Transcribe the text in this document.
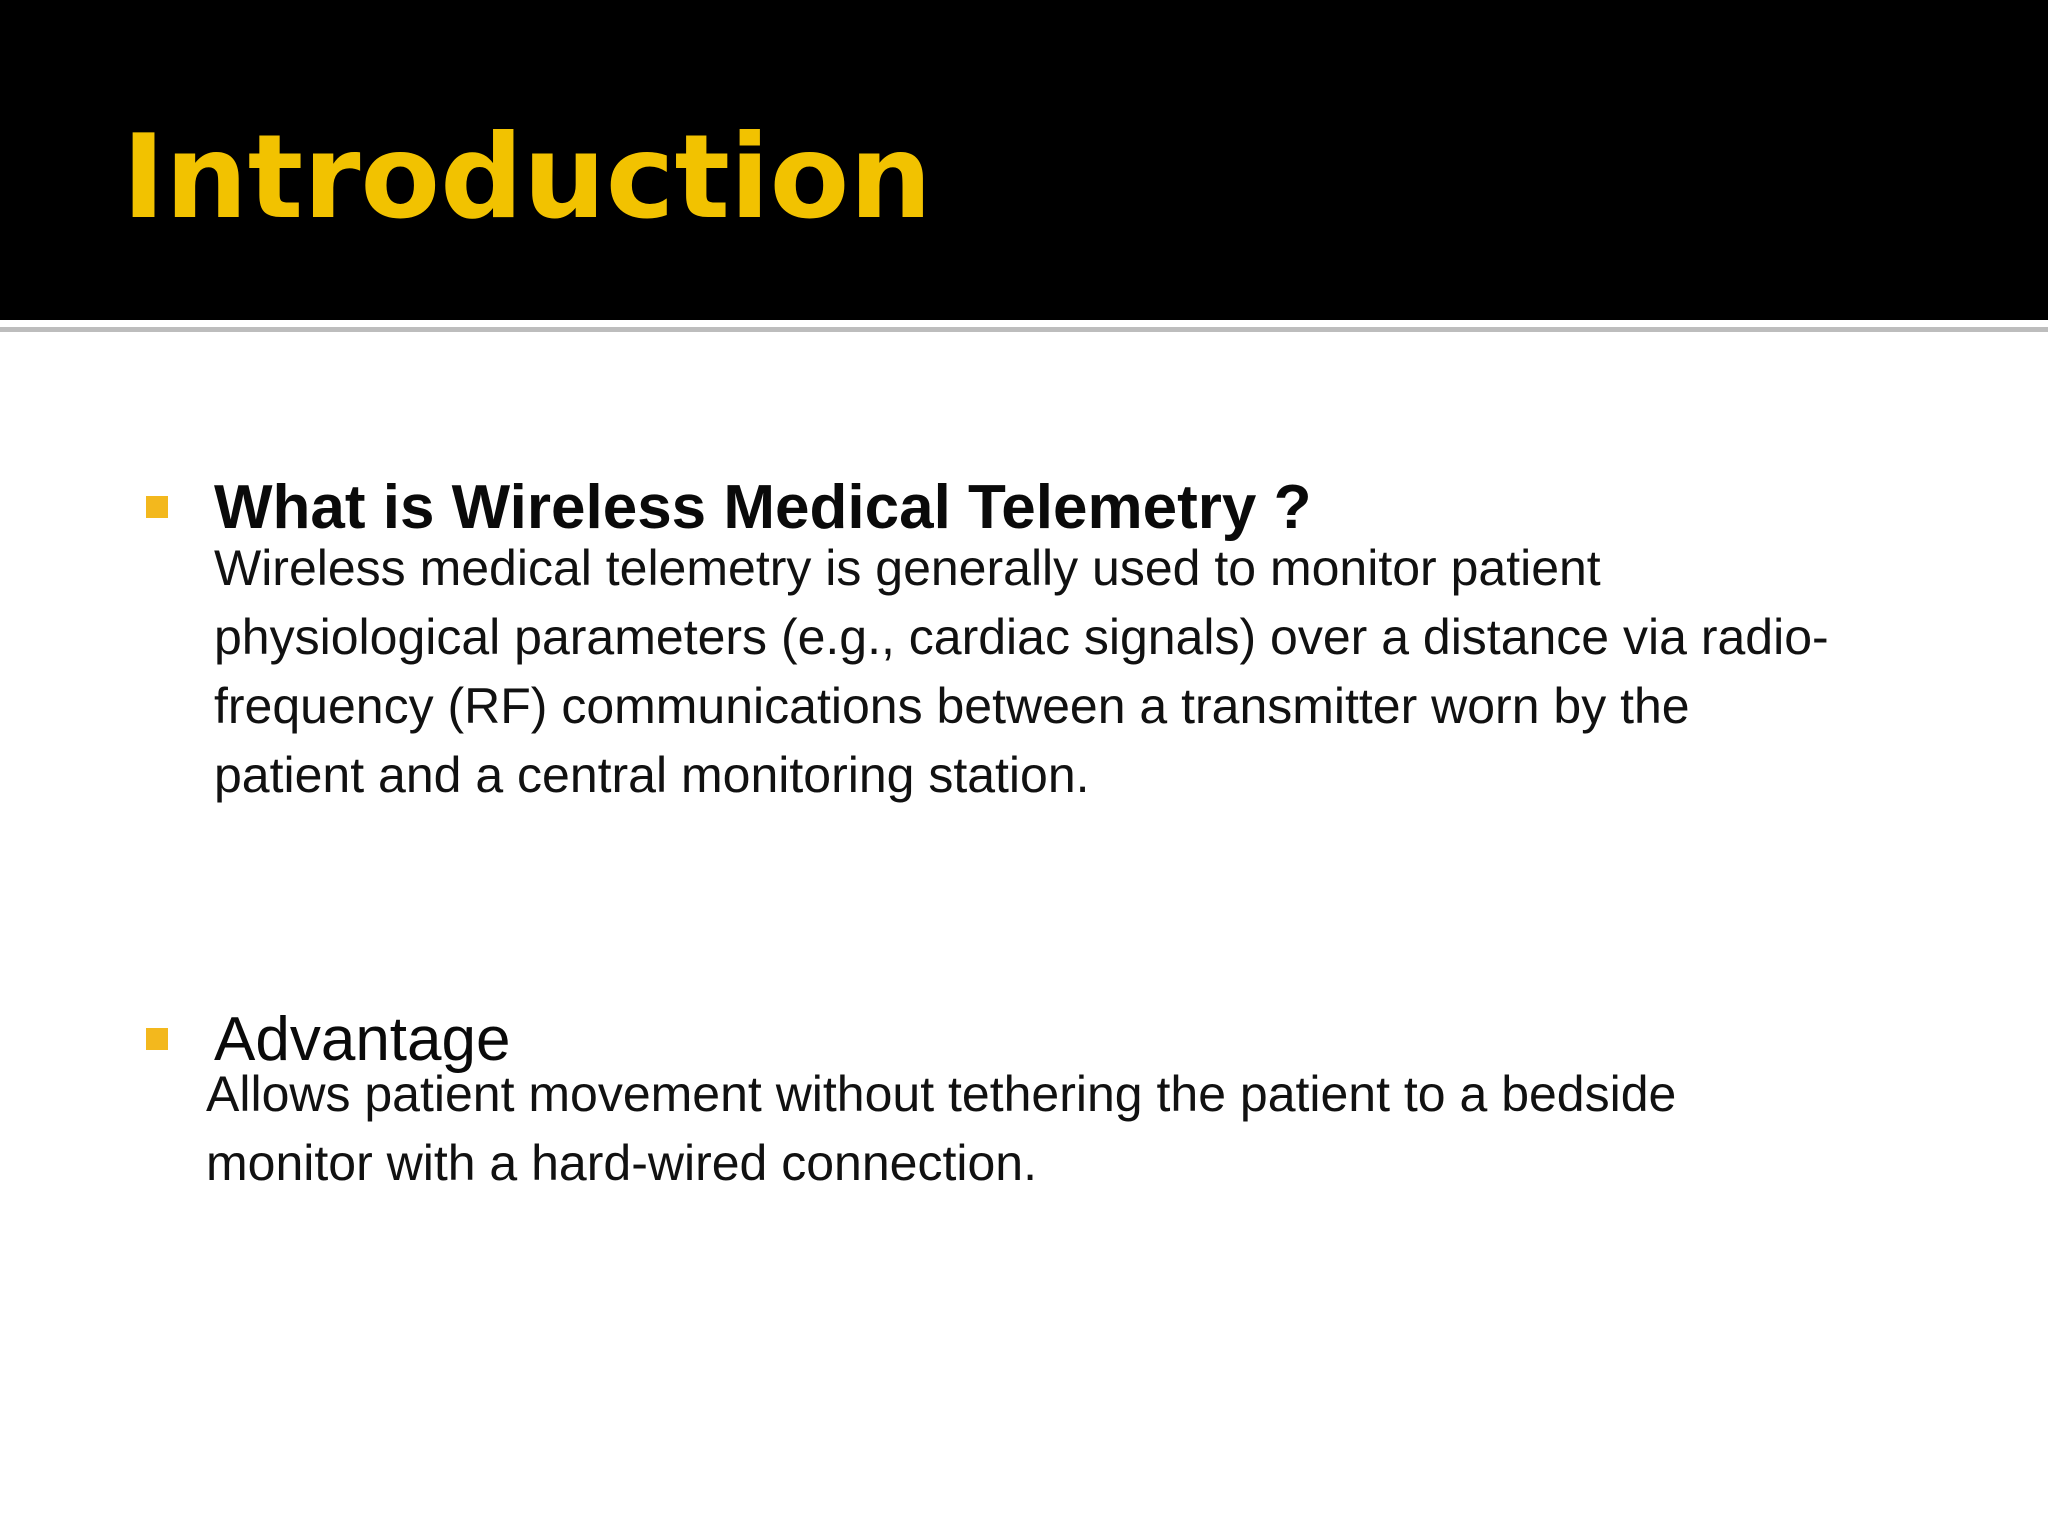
Introduction
What is Wireless Medical Telemetry ?
Wireless medical telemetry is generally used to monitor patient
physiological parameters (e.g., cardiac signals) over a distance via radio-
frequency (RF) communications between a transmitter worn by the
patient and a central monitoring station.
Advantage
Allows patient movement without tethering the patient to a bedside
monitor with a hard-wired connection.
